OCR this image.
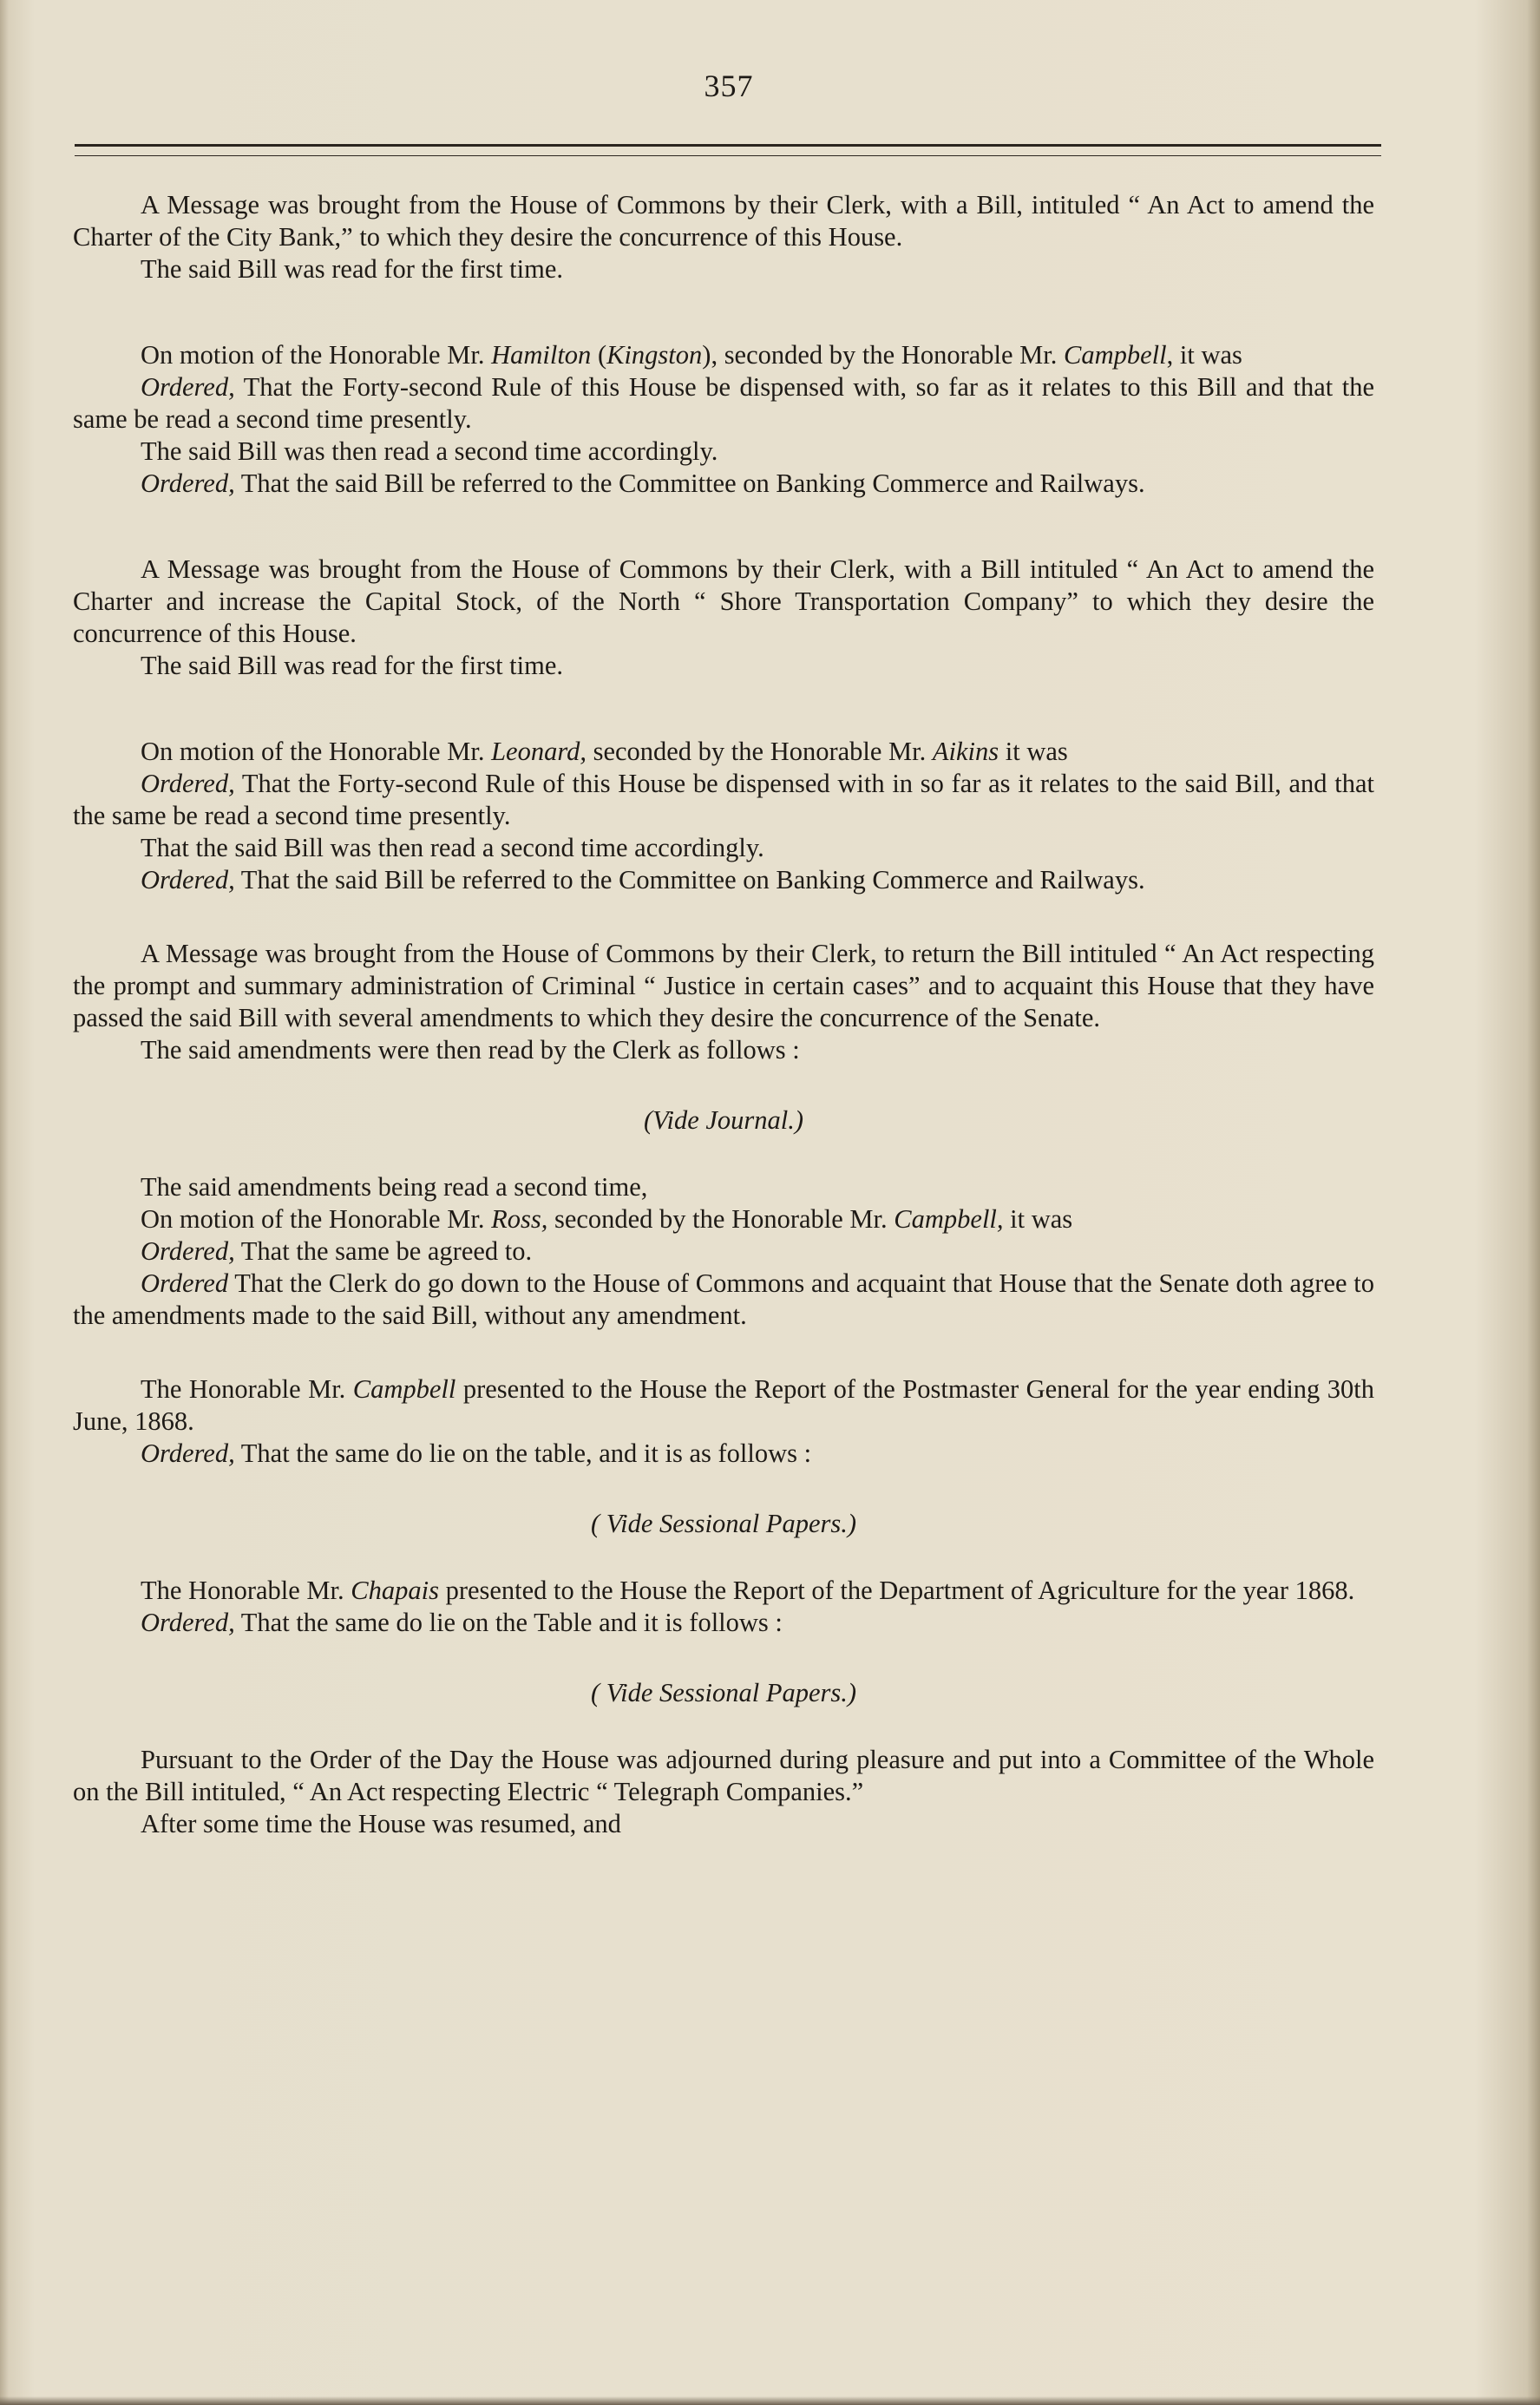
357

A Message was brought from the House of Commons by their Clerk, with a Bill, intituled “ An Act to amend the Charter of the City Bank,” to which they desire the concurrence of this House.

The said Bill was read for the first time.

On motion of the Honorable Mr. Hamilton (Kingston), seconded by the Honorable Mr. Campbell, it was

Ordered, That the Forty-second Rule of this House be dispensed with, so far as it relates to this Bill and that the same be read a second time presently.

The said Bill was then read a second time accordingly.

Ordered, That the said Bill be referred to the Committee on Banking Commerce and Railways.

A Message was brought from the House of Commons by their Clerk, with a Bill intituled “ An Act to amend the Charter and increase the Capital Stock, of the North “ Shore Transportation Company” to which they desire the concurrence of this House.

The said Bill was read for the first time.

On motion of the Honorable Mr. Leonard, seconded by the Honorable Mr. Aikins it was

Ordered, That the Forty-second Rule of this House be dispensed with in so far as it relates to the said Bill, and that the same be read a second time presently.

That the said Bill was then read a second time accordingly.

Ordered, That the said Bill be referred to the Committee on Banking Commerce and Railways.

A Message was brought from the House of Commons by their Clerk, to return the Bill intituled “ An Act respecting the prompt and summary administration of Criminal “ Justice in certain cases” and to acquaint this House that they have passed the said Bill with several amendments to which they desire the concurrence of the Senate.

The said amendments were then read by the Clerk as follows :

(Vide Journal.)

The said amendments being read a second time,

On motion of the Honorable Mr. Ross, seconded by the Honorable Mr. Campbell, it was

Ordered, That the same be agreed to.

Ordered That the Clerk do go down to the House of Commons and acquaint that House that the Senate doth agree to the amendments made to the said Bill, without any amendment.

The Honorable Mr. Campbell presented to the House the Report of the Postmaster General for the year ending 30th June, 1868.

Ordered, That the same do lie on the table, and it is as follows :

( Vide Sessional Papers.)

The Honorable Mr. Chapais presented to the House the Report of the Department of Agriculture for the year 1868.

Ordered, That the same do lie on the Table and it is follows :

( Vide Sessional Papers.)

Pursuant to the Order of the Day the House was adjourned during pleasure and put into a Committee of the Whole on the Bill intituled, “ An Act respecting Electric “ Telegraph Companies.”

After some time the House was resumed, and
